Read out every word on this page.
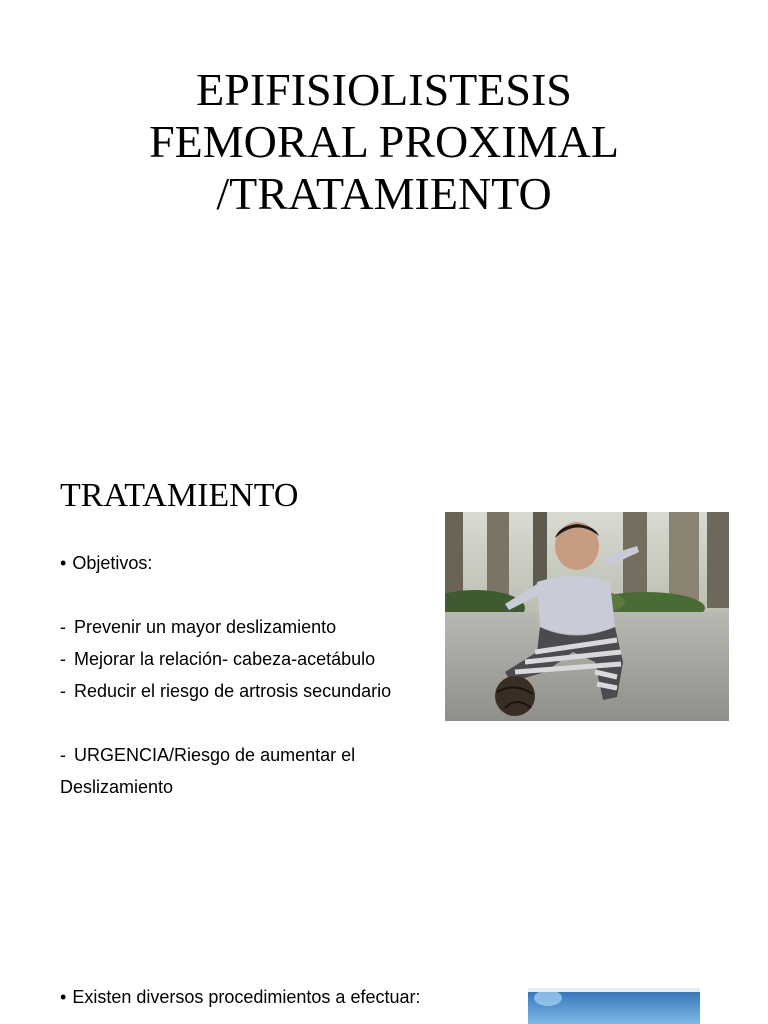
EPIFISIOLISTESIS
FEMORAL PROXIMAL
/TRATAMIENTO
TRATAMIENTO

• Objetivos:

- Prevenir un mayor deslizamiento

- Mejorar la relación- cabeza-acetábulo

- Reducir el riesgo de artrosis secundario

- URGENCIA/Riesgo de aumentar el

Deslizamiento

• Existen diversos procedimientos a efectuar:
